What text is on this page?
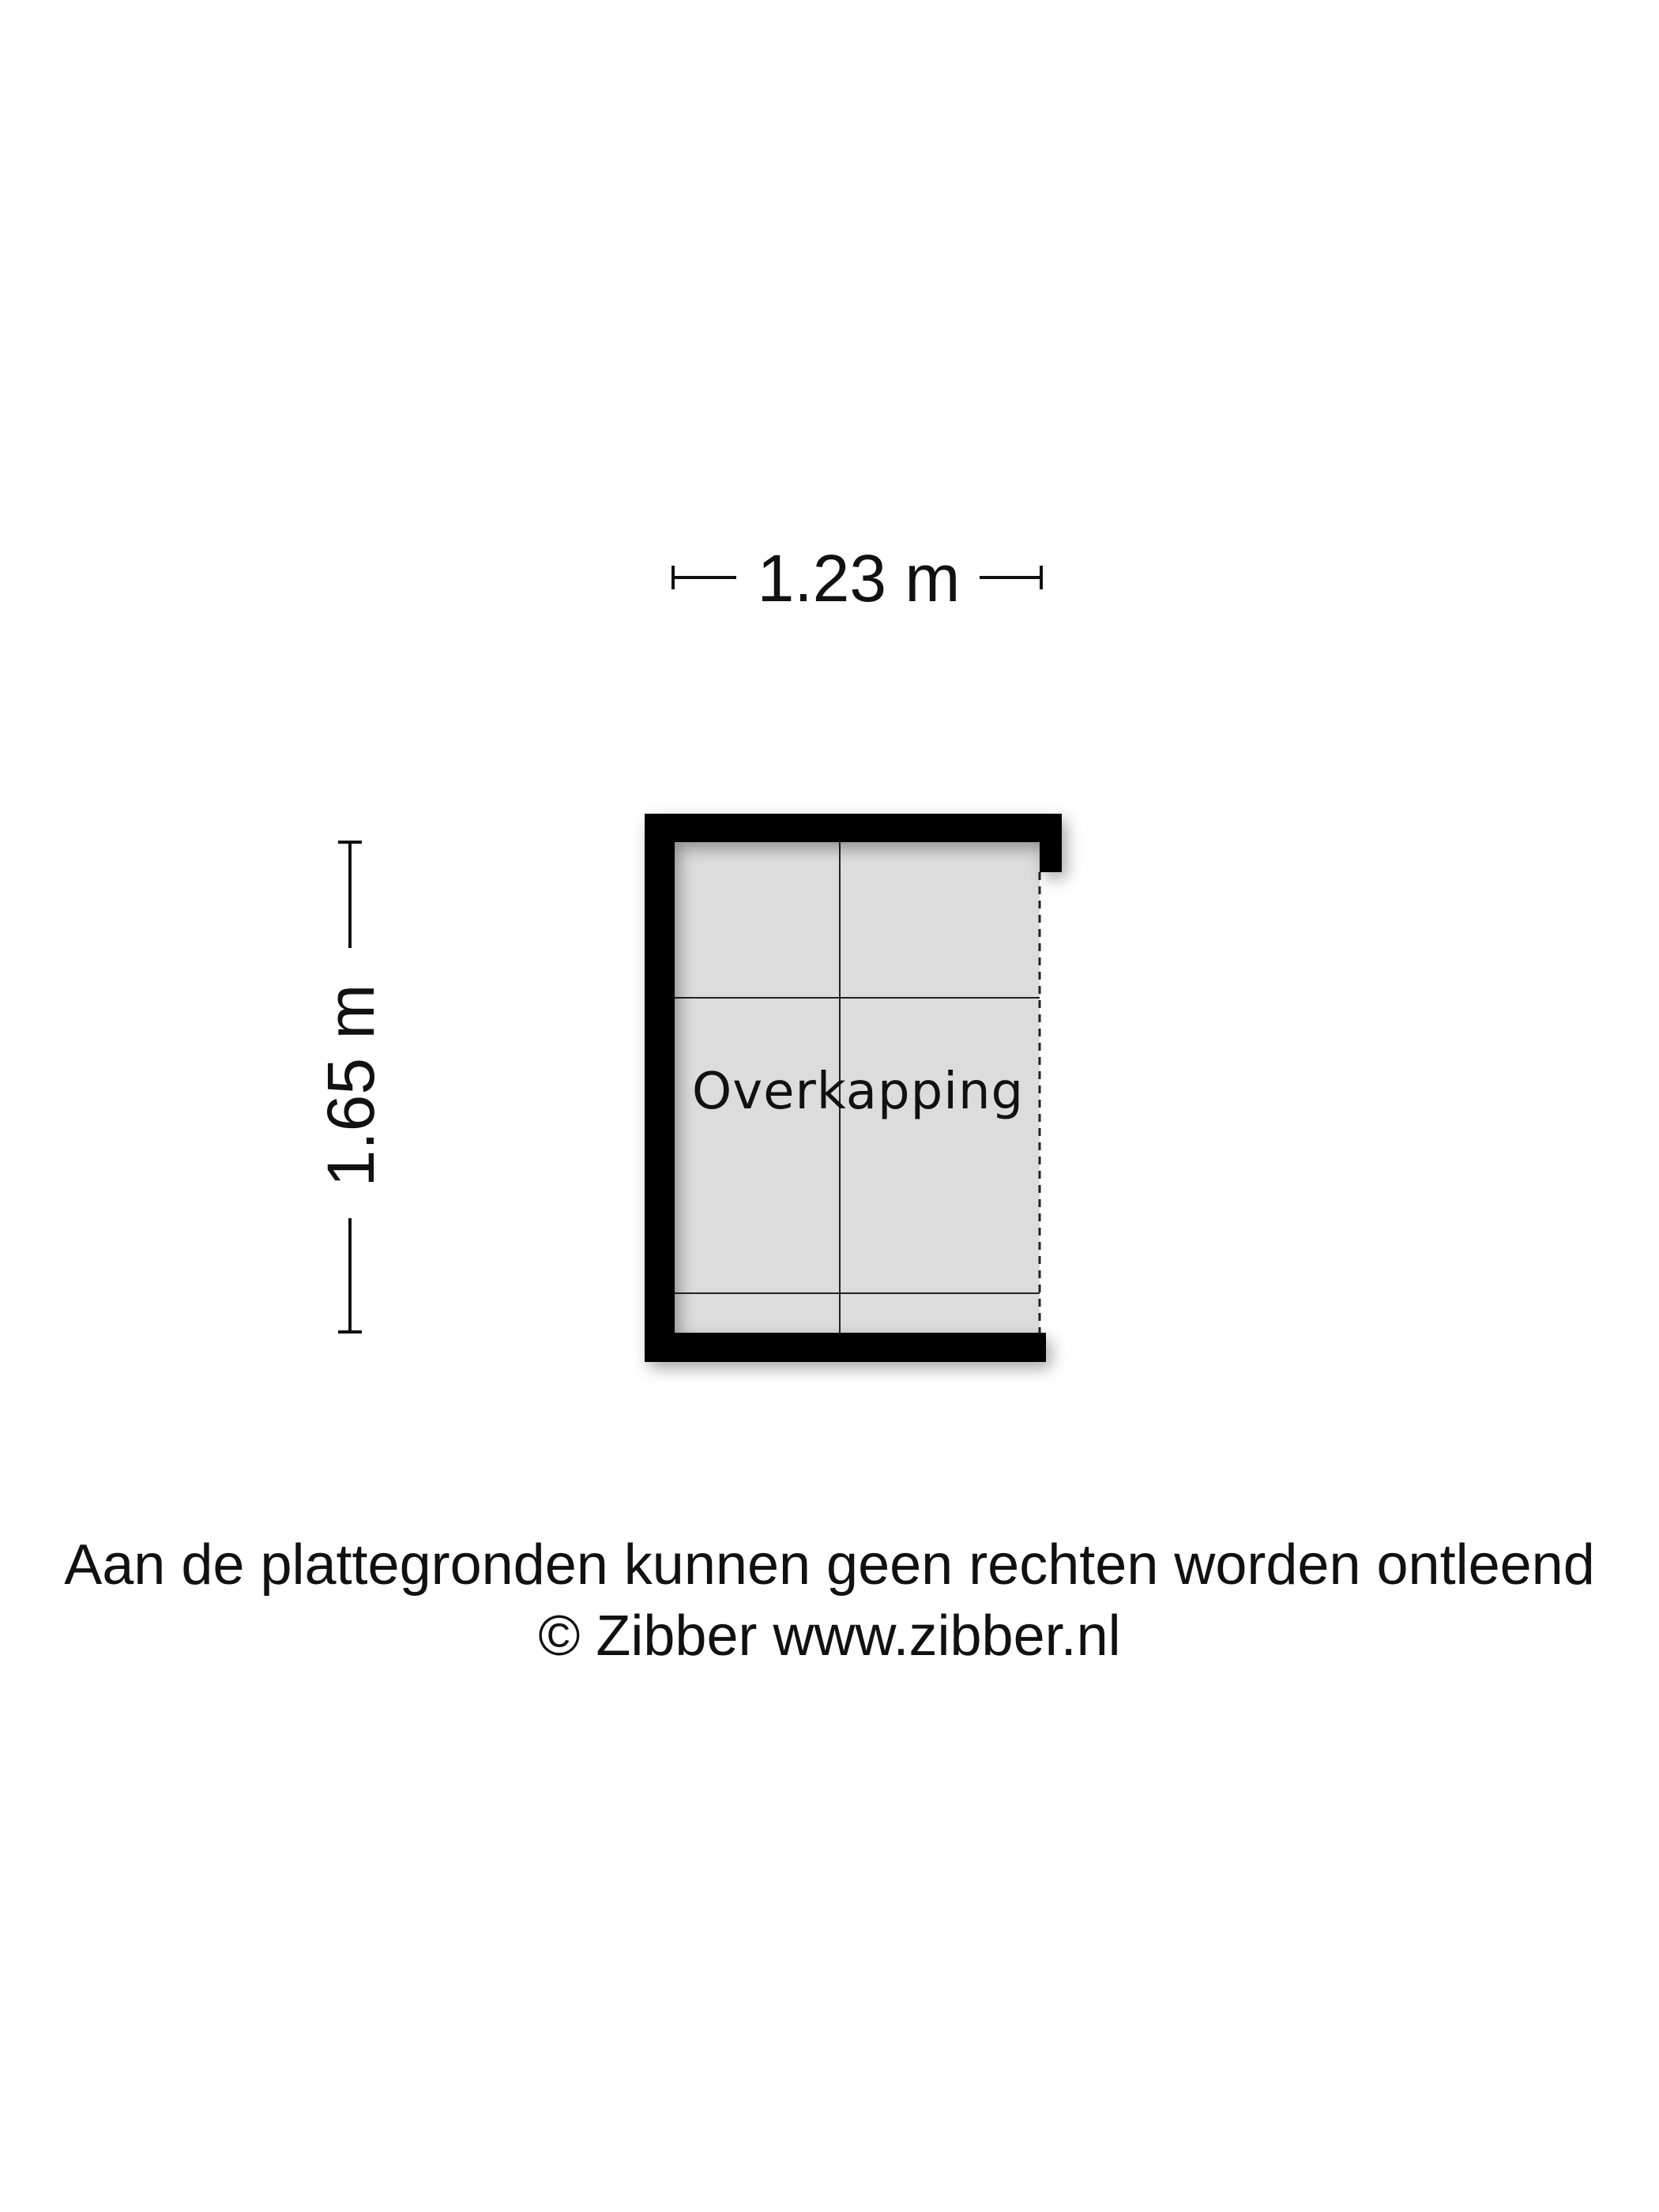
1.23 m
1.65 m	Overkapping
Aan de plattegronden kunnen geen rechten worden ontleend
© Zibber www.zibber.nl
